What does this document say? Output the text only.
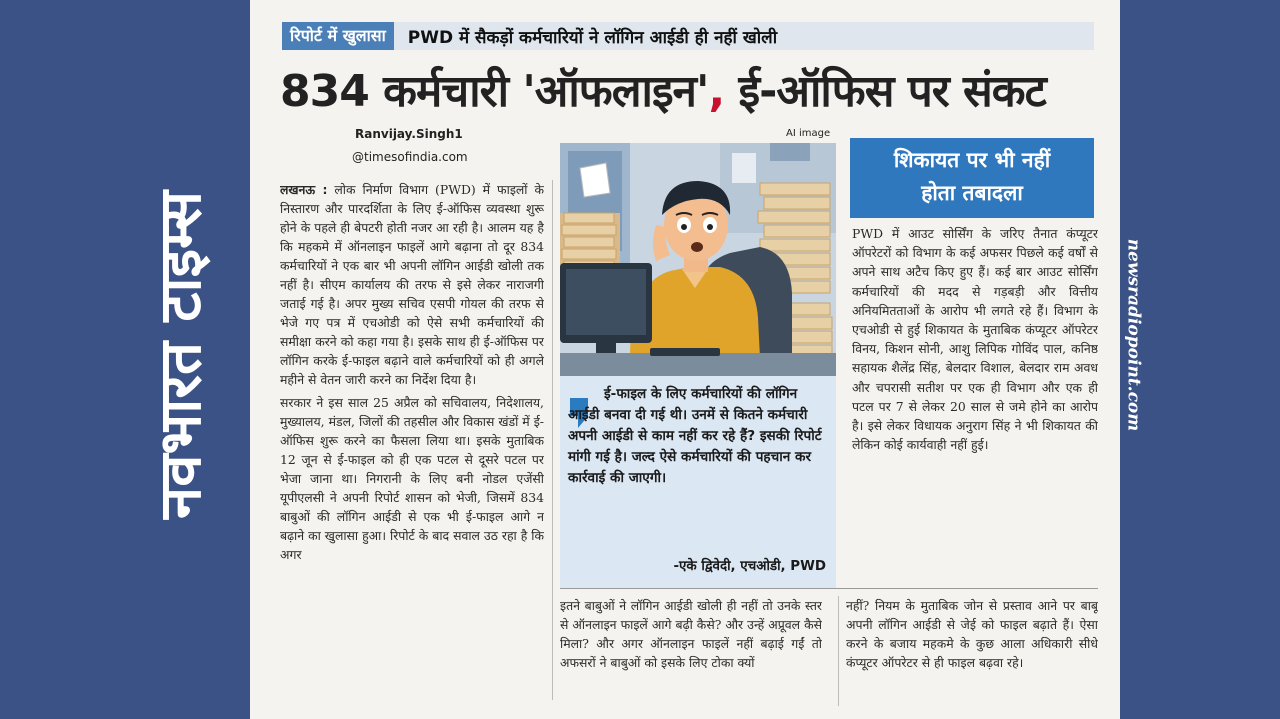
नवभारत टाइम्स	newsradiopoint.com
रिपोर्ट में खुलासा	PWD में सैकड़ों कर्मचारियों ने लॉगिन आईडी ही नहीं खोली
834 कर्मचारी 'ऑफलाइन', ई-ऑफिस पर संकट
Ranvijay.Singh1
@timesofindia.com
AI image

लखनऊ : लोक निर्माण विभाग (PWD) में फाइलों के निस्तारण और पारदर्शिता के लिए ई-ऑफिस व्यवस्था शुरू होने के पहले ही बेपटरी होती नजर आ रही है। आलम यह है कि महकमे में ऑनलाइन फाइलें आगे बढ़ाना तो दूर 834 कर्मचारियों ने एक बार भी अपनी लॉगिन आईडी खोली तक नहीं है। सीएम कार्यालय की तरफ से इसे लेकर नाराजगी जताई गई है। अपर मुख्य सचिव एसपी गोयल की तरफ से भेजे गए पत्र में एचओडी को ऐसे सभी कर्मचारियों की समीक्षा करने को कहा गया है। इसके साथ ही ई-ऑफिस पर लॉगिन करके ई-फाइल बढ़ाने वाले कर्मचारियों को ही अगले महीने से वेतन जारी करने का निर्देश दिया है।

सरकार ने इस साल 25 अप्रैल को सचिवालय, निदेशालय, मुख्यालय, मंडल, जिलों की तहसील और विकास खंडों में ई-ऑफिस शुरू करने का फैसला लिया था। इसके मुताबिक 12 जून से ई-फाइल को ही एक पटल से दूसरे पटल पर भेजा जाना था। निगरानी के लिए बनी नोडल एजेंसी यूपीएलसी ने अपनी रिपोर्ट शासन को भेजी, जिसमें 834 बाबुओं की लॉगिन आईडी से एक भी ई-फाइल आगे न बढ़ाने का खुलासा हुआ। रिपोर्ट के बाद सवाल उठ रहा है कि अगर

ई-फाइल के लिए कर्मचारियों की लॉगिन आईडी बनवा दी गई थी। उनमें से कितने कर्मचारी अपनी आईडी से काम नहीं कर रहे हैं? इसकी रिपोर्ट मांगी गई है। जल्द ऐसे कर्मचारियों की पहचान कर कार्रवाई की जाएगी।
-एके द्विवेदी, एचओडी, PWD
शिकायत पर भी नहीं
होता तबादला
PWD में आउट सोर्सिंग के जरिए तैनात कंप्यूटर ऑपरेटरों को विभाग के कई अफसर पिछले कई वर्षों से अपने साथ अटैच किए हुए हैं। कई बार आउट सोर्सिंग कर्मचारियों की मदद से गड़बड़ी और वित्तीय अनियमितताओं के आरोप भी लगते रहे हैं। विभाग के एचओडी से हुई शिकायत के मुताबिक कंप्यूटर ऑपरेटर विनय, किशन सोनी, आशु लिपिक गोविंद पाल, कनिष्ठ सहायक शैलेंद्र सिंह, बेलदार विशाल, बेलदार राम अवध और चपरासी सतीश पर एक ही विभाग और एक ही पटल पर 7 से लेकर 20 साल से जमे होने का आरोप है। इसे लेकर विधायक अनुराग सिंह ने भी शिकायत की लेकिन कोई कार्यवाही नहीं हुई।
इतने बाबुओं ने लॉगिन आईडी खोली ही नहीं तो उनके स्तर से ऑनलाइन फाइलें आगे बढ़ी कैसे? और उन्हें अप्रूवल कैसे मिला? और अगर ऑनलाइन फाइलें नहीं बढ़ाई गईं तो अफसरों ने बाबुओं को इसके लिए टोका क्यों
नहीं? नियम के मुताबिक जोन से प्रस्ताव आने पर बाबू अपनी लॉगिन आईडी से जेई को फाइल बढ़ाते हैं। ऐसा करने के बजाय महकमे के कुछ आला अधिकारी सीधे कंप्यूटर ऑपरेटर से ही फाइल बढ़वा रहे।
